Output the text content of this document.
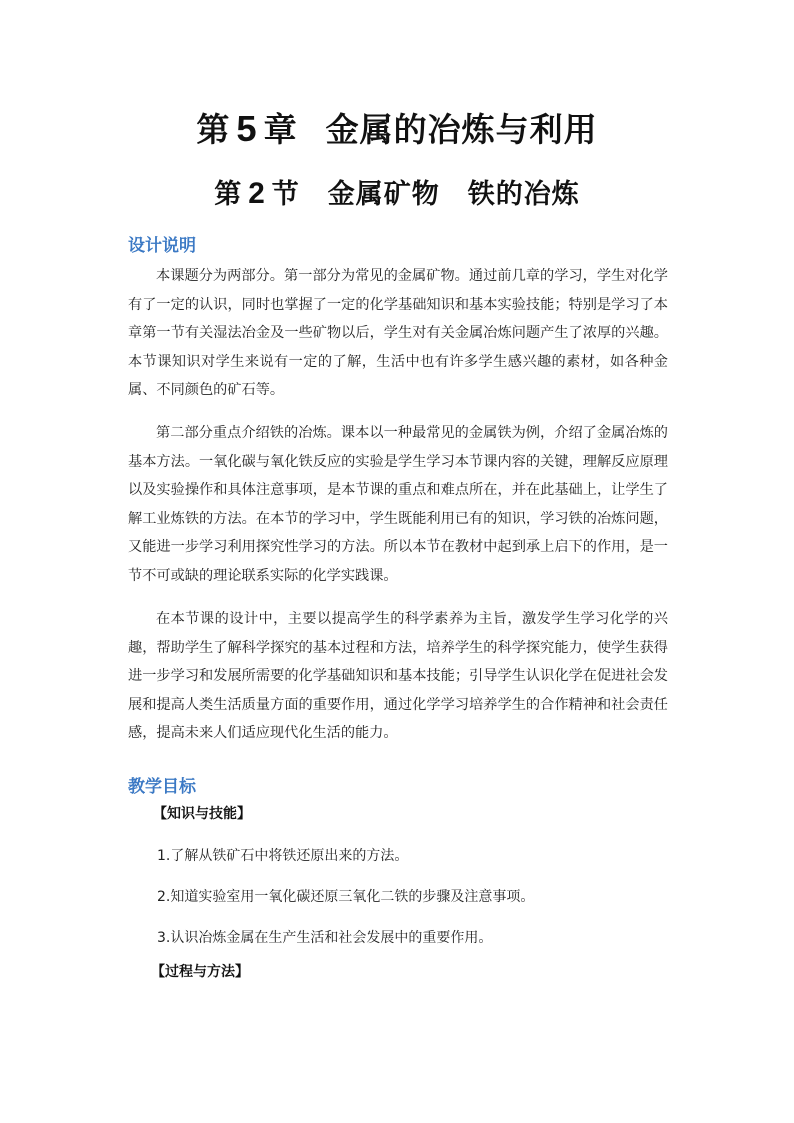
第 5 章 金属的冶炼与利用
第 2 节 金属矿物 铁的冶炼
设计说明

本课题分为两部分。第一部分为常见的金属矿物。通过前几章的学习，学生对化学有了一定的认识，同时也掌握了一定的化学基础知识和基本实验技能；特别是学习了本章第一节有关湿法冶金及一些矿物以后，学生对有关金属冶炼问题产生了浓厚的兴趣。本节课知识对学生来说有一定的了解，生活中也有许多学生感兴趣的素材，如各种金属、不同颜色的矿石等。

第二部分重点介绍铁的冶炼。课本以一种最常见的金属铁为例，介绍了金属冶炼的基本方法。一氧化碳与氧化铁反应的实验是学生学习本节课内容的关键，理解反应原理以及实验操作和具体注意事项，是本节课的重点和难点所在，并在此基础上，让学生了解工业炼铁的方法。在本节的学习中，学生既能利用已有的知识，学习铁的冶炼问题，又能进一步学习利用探究性学习的方法。所以本节在教材中起到承上启下的作用，是一节不可或缺的理论联系实际的化学实践课。

在本节课的设计中，主要以提高学生的科学素养为主旨，激发学生学习化学的兴趣，帮助学生了解科学探究的基本过程和方法，培养学生的科学探究能力，使学生获得进一步学习和发展所需要的化学基础知识和基本技能；引导学生认识化学在促进社会发展和提高人类生活质量方面的重要作用，通过化学学习培养学生的合作精神和社会责任感，提高未来人们适应现代化生活的能力。

教学目标
【知识与技能】
1.了解从铁矿石中将铁还原出来的方法。
2.知道实验室用一氧化碳还原三氧化二铁的步骤及注意事项。
3.认识冶炼金属在生产生活和社会发展中的重要作用。
【过程与方法】
